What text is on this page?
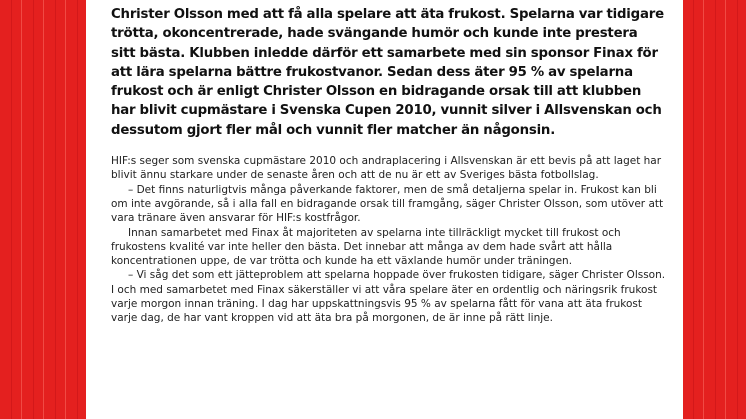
Christer Olsson med att få alla spelare att äta frukost. Spelarna var tidigare trötta, okoncentrerade, hade svängande humör och kunde inte prestera sitt bästa. Klubben inledde därför ett samarbete med sin sponsor Finax för att lära spelarna bättre frukostvanor. Sedan dess äter 95 % av spelarna frukost och är enligt Christer Olsson en bidragande orsak till att klubben har blivit cupmästare i Svenska Cupen 2010, vunnit silver i Allsvenskan och dessutom gjort fler mål och vunnit fler matcher än någonsin.

HIF:s seger som svenska cupmästare 2010 och andraplacering i Allsvenskan är ett bevis på att laget har blivit ännu starkare under de senaste åren och att de nu är ett av Sveriges bästa fotbollslag.

– Det finns naturligtvis många påverkande faktorer, men de små detaljerna spelar in. Frukost kan bli om inte avgörande, så i alla fall en bidragande orsak till framgång, säger Christer Olsson, som utöver att vara tränare även ansvarar för HIF:s kostfrågor.

Innan samarbetet med Finax åt majoriteten av spelarna inte tillräckligt mycket till frukost och frukostens kvalité var inte heller den bästa. Det innebar att många av dem hade svårt att hålla koncentrationen uppe, de var trötta och kunde ha ett växlande humör under träningen.

– Vi såg det som ett jätteproblem att spelarna hoppade över frukosten tidigare, säger Christer Olsson. I och med samarbetet med Finax säkerställer vi att våra spelare äter en ordentlig och näringsrik frukost varje morgon innan träning. I dag har uppskattningsvis 95 % av spelarna fått för vana att äta frukost varje dag, de har vant kroppen vid att äta bra på morgonen, de är inne på rätt linje.
